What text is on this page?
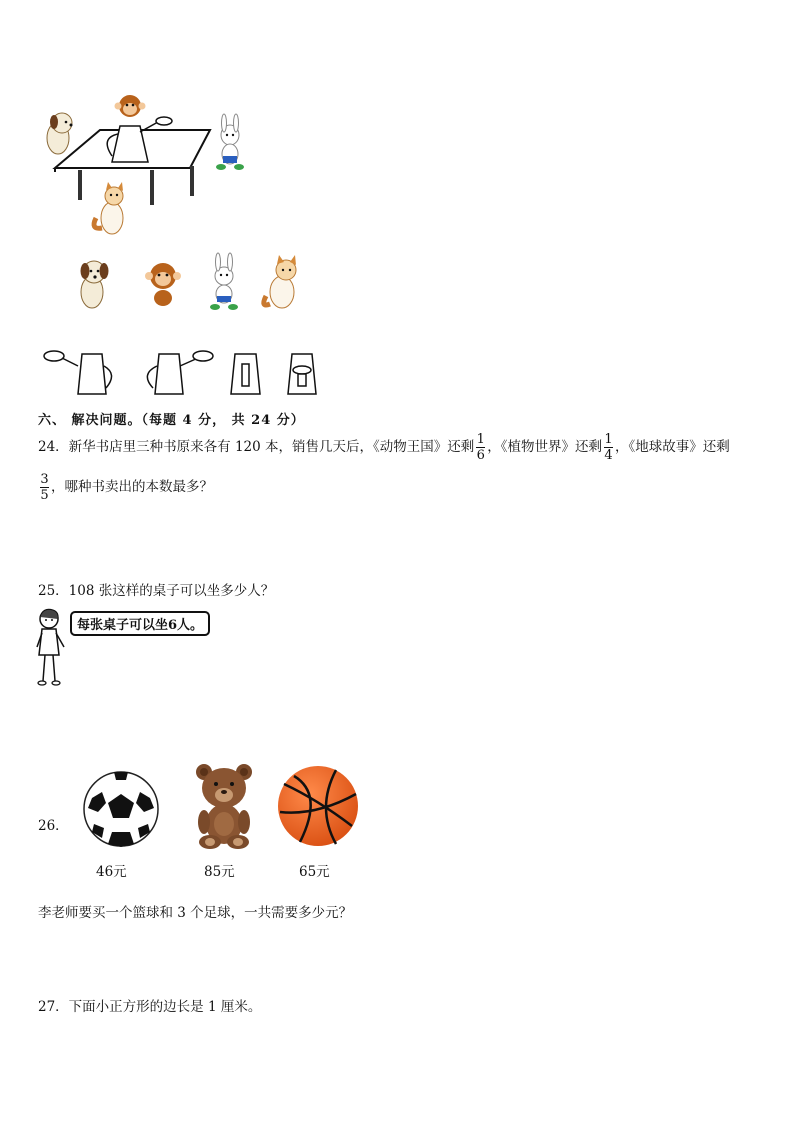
六、 解决问题。（每题 4 分， 共 24 分）
24．新华书店里三种书原来各有 120 本，销售几天后，《动物王国》还剩 $\frac{1}{6}$ ，《植物世界》还剩 $\frac{1}{4}$ ，《地球故事》还剩
$\frac{3}{5}$ ，哪种书卖出的本数最多？
25．108 张这样的桌子可以坐多少人？
每张桌子可以坐6人。
26．
46元	85元	65元
李老师要买一个篮球和 3 个足球，一共需要多少元？
27．下面小正方形的边长是 1 厘米。
